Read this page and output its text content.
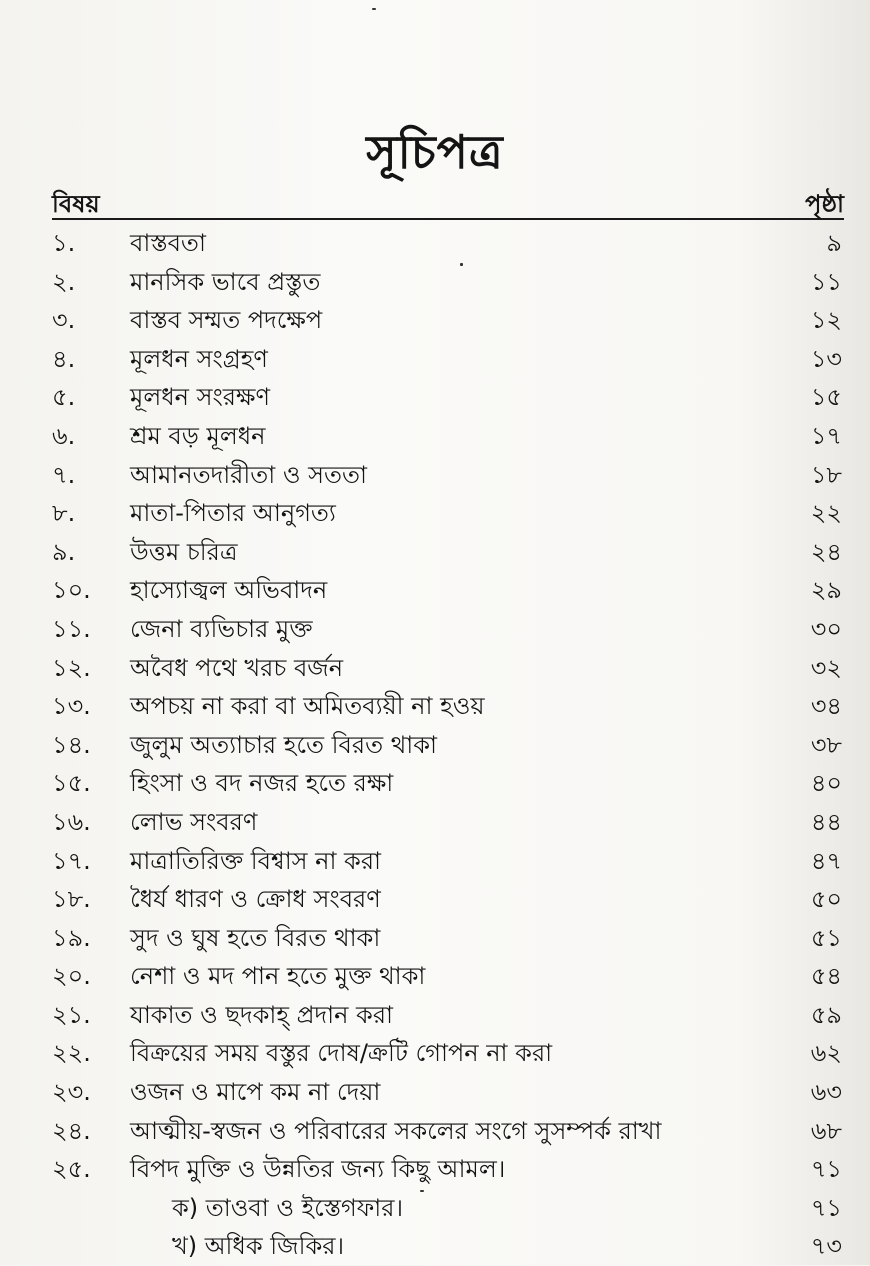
সূচিপত্র
বিষয়	পৃষ্ঠা
১. বাস্তবতা	৯
২. মানসিক ভাবে প্রস্তুত	১১
৩. বাস্তব সম্মত পদক্ষেপ	১২
৪. মূলধন সংগ্রহণ	১৩
৫. মূলধন সংরক্ষণ	১৫
৬. শ্রম বড় মূলধন	১৭
৭. আমানতদারীতা ও সততা	১৮
৮. মাতা-পিতার আনুগত্য	২২
৯. উত্তম চরিত্র	২৪
১০. হাস্যোজ্বল অভিবাদন	২৯
১১. জেনা ব্যভিচার মুক্ত	৩০
১২. অবৈধ পথে খরচ বর্জন	৩২
১৩. অপচয় না করা বা অমিতব্যয়ী না হওয়	৩৪
১৪. জুলুম অত্যাচার হতে বিরত থাকা	৩৮
১৫. হিংসা ও বদ নজর হতে রক্ষা	৪০
১৬. লোভ সংবরণ	৪৪
১৭. মাত্রাতিরিক্ত বিশ্বাস না করা	৪৭
১৮. ধৈর্য ধারণ ও ক্রোধ সংবরণ	৫০
১৯. সুদ ও ঘুষ হতে বিরত থাকা	৫১
২০. নেশা ও মদ পান হতে মুক্ত থাকা	৫৪
২১. যাকাত ও ছদকাহ্‌ প্রদান করা	৫৯
২২. বিক্রয়ের সময় বস্তুর দোষ/ক্রটি গোপন না করা	৬২
২৩. ওজন ও মাপে কম না দেয়া	৬৩
২৪. আত্মীয়-স্বজন ও পরিবারের সকলের সংগে সুসম্পর্ক রাখা	৬৮
২৫. বিপদ মুক্তি ও উন্নতির জন্য কিছু আমল।	৭১
ক) তাওবা ও ইস্তেগফার।	৭১
খ) অধিক জিকির।	৭৩
